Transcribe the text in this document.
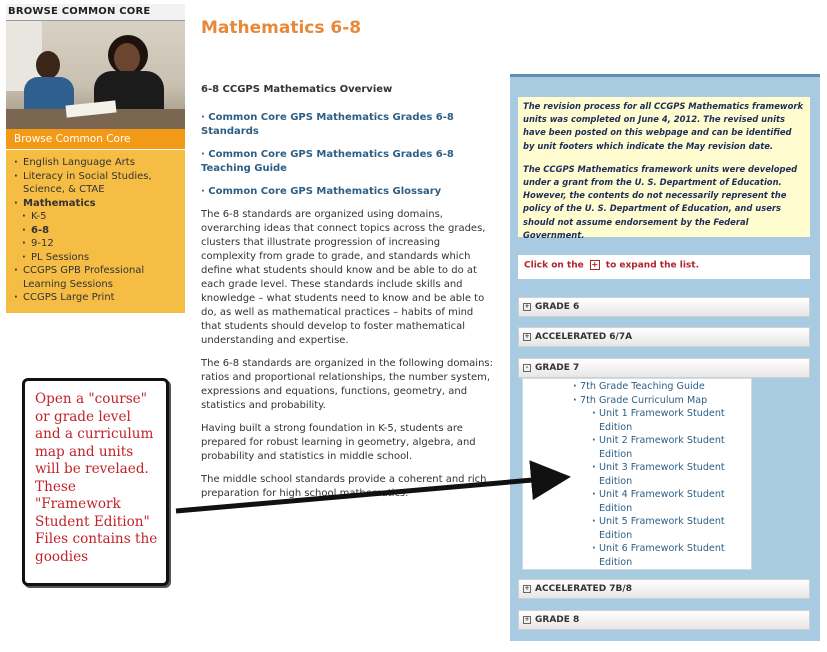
BROWSE COMMON CORE
Browse Common Core
· English Language Arts
· Literacy in Social Studies, Science, & CTAE
· Mathematics
· K-5
· 6-8
· 9-12
· PL Sessions
· CCGPS GPB Professional Learning Sessions
· CCGPS Large Print
Mathematics 6-8
6-8 CCGPS Mathematics Overview
· Common Core GPS Mathematics Grades 6-8 Standards
· Common Core GPS Mathematics Grades 6-8 Teaching Guide
· Common Core GPS Mathematics Glossary

The 6-8 standards are organized using domains, overarching ideas that connect topics across the grades, clusters that illustrate progression of increasing complexity from grade to grade, and standards which define what students should know and be able to do at each grade level. These standards include skills and knowledge – what students need to know and be able to do, as well as mathematical practices – habits of mind that students should develop to foster mathematical understanding and expertise.

The 6-8 standards are organized in the following domains: ratios and proportional relationships, the number system, expressions and equations, functions, geometry, and statistics and probability.

Having built a strong foundation in K-5, students are prepared for robust learning in geometry, algebra, and probability and statistics in middle school.

The middle school standards provide a coherent and rich preparation for high school mathematics.

The revision process for all CCGPS Mathematics framework units was completed on June 4, 2012. The revised units have been posted on this webpage and can be identified by unit footers which indicate the May revision date.

The CCGPS Mathematics framework units were developed under a grant from the U. S. Department of Education. However, the contents do not necessarily represent the policy of the U. S. Department of Education, and users should not assume endorsement by the Federal Government.

Click on the + to expand the list.
+ GRADE 6
+ ACCELERATED 6/7A
- GRADE 7
· 7th Grade Teaching Guide
· 7th Grade Curriculum Map
· Unit 1 Framework Student Edition
· Unit 2 Framework Student Edition
· Unit 3 Framework Student Edition
· Unit 4 Framework Student Edition
· Unit 5 Framework Student Edition
· Unit 6 Framework Student Edition
+ ACCELERATED 7B/8
+ GRADE 8
Open a "course" or grade level and a curriculum map and units will be revelaed. These "Framework Student Edition" Files contains the goodies
